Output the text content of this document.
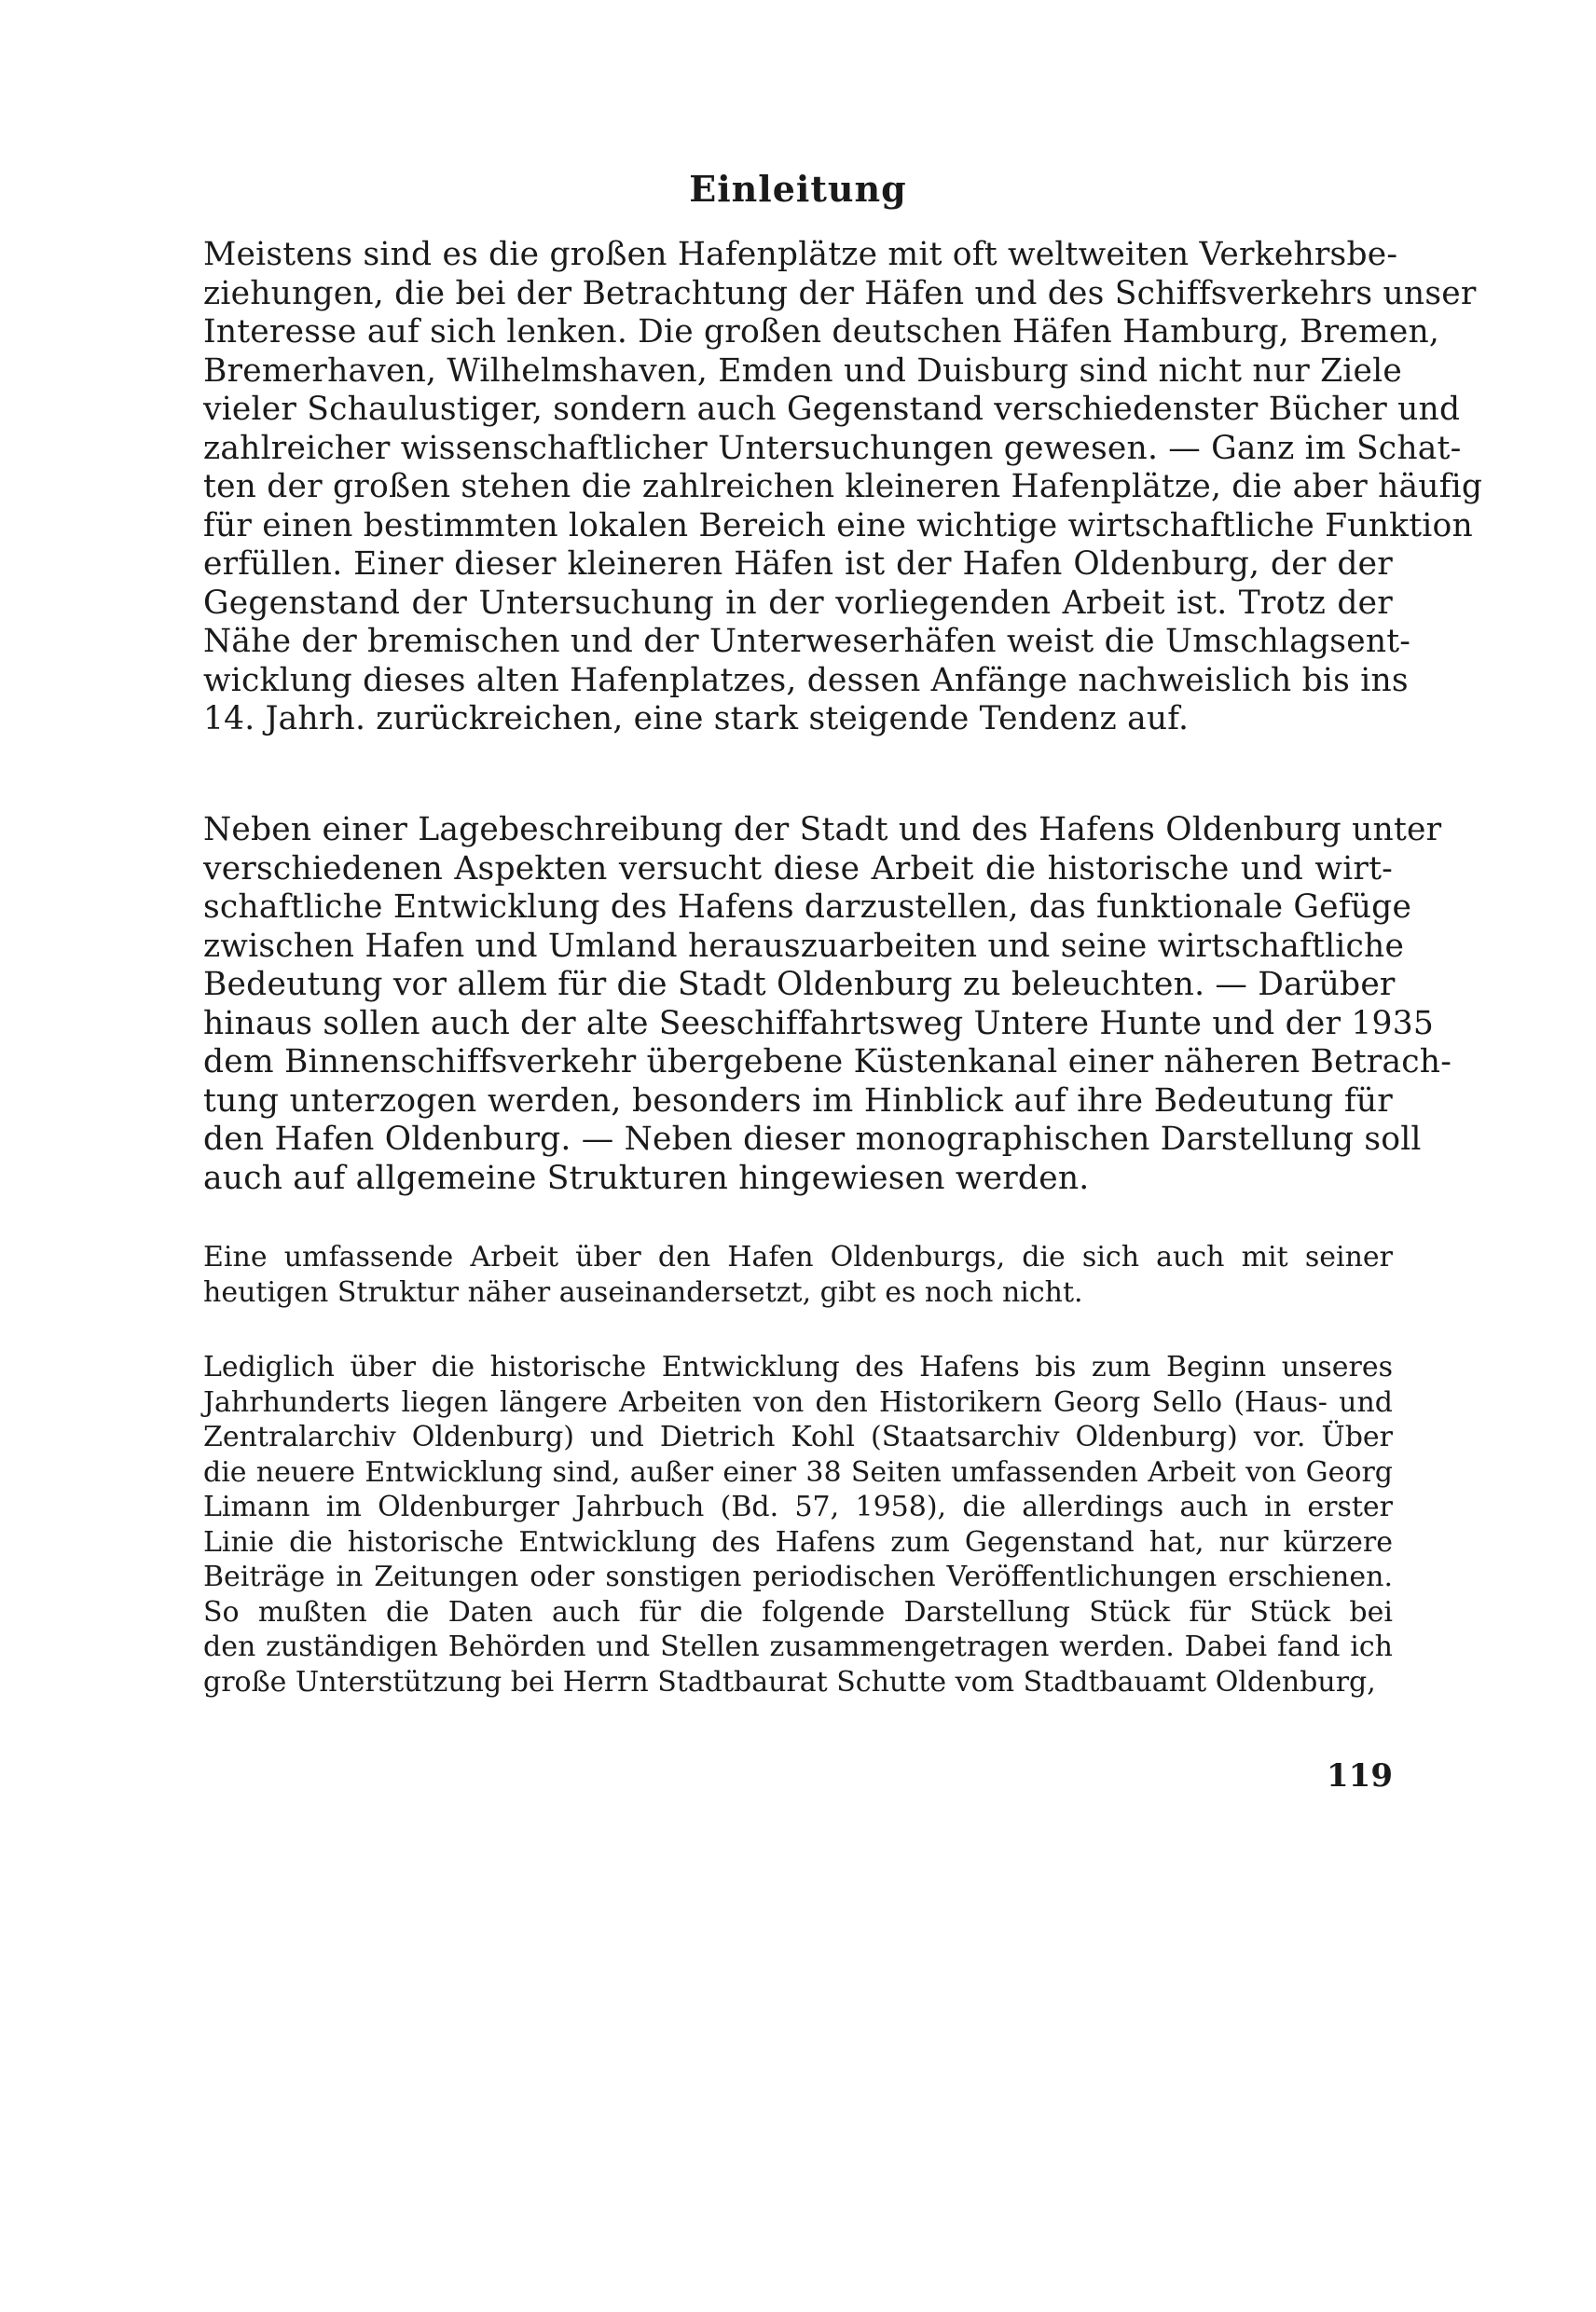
Einleitung
Meistens sind es die großen Hafenplätze mit oft weltweiten Verkehrsbe-
ziehungen, die bei der Betrachtung der Häfen und des Schiffsverkehrs unser
Interesse auf sich lenken. Die großen deutschen Häfen Hamburg, Bremen,
Bremerhaven, Wilhelmshaven, Emden und Duisburg sind nicht nur Ziele
vieler Schaulustiger, sondern auch Gegenstand verschiedenster Bücher und
zahlreicher wissenschaftlicher Untersuchungen gewesen. — Ganz im Schat-
ten der großen stehen die zahlreichen kleineren Hafenplätze, die aber häufig
für einen bestimmten lokalen Bereich eine wichtige wirtschaftliche Funktion
erfüllen. Einer dieser kleineren Häfen ist der Hafen Oldenburg, der der
Gegenstand der Untersuchung in der vorliegenden Arbeit ist. Trotz der
Nähe der bremischen und der Unterweserhäfen weist die Umschlagsent-
wicklung dieses alten Hafenplatzes, dessen Anfänge nachweislich bis ins
14. Jahrh. zurückreichen, eine stark steigende Tendenz auf.
Neben einer Lagebeschreibung der Stadt und des Hafens Oldenburg unter
verschiedenen Aspekten versucht diese Arbeit die historische und wirt-
schaftliche Entwicklung des Hafens darzustellen, das funktionale Gefüge
zwischen Hafen und Umland herauszuarbeiten und seine wirtschaftliche
Bedeutung vor allem für die Stadt Oldenburg zu beleuchten. — Darüber
hinaus sollen auch der alte Seeschiffahrtsweg Untere Hunte und der 1935
dem Binnenschiffsverkehr übergebene Küstenkanal einer näheren Betrach-
tung unterzogen werden, besonders im Hinblick auf ihre Bedeutung für
den Hafen Oldenburg. — Neben dieser monographischen Darstellung soll
auch auf allgemeine Strukturen hingewiesen werden.
Eine umfassende Arbeit über den Hafen Oldenburgs, die sich auch mit seiner
heutigen Struktur näher auseinandersetzt, gibt es noch nicht.
Lediglich über die historische Entwicklung des Hafens bis zum Beginn unseres
Jahrhunderts liegen längere Arbeiten von den Historikern Georg Sello (Haus- und
Zentralarchiv Oldenburg) und Dietrich Kohl (Staatsarchiv Oldenburg) vor. Über
die neuere Entwicklung sind, außer einer 38 Seiten umfassenden Arbeit von Georg
Limann im Oldenburger Jahrbuch (Bd. 57, 1958), die allerdings auch in erster
Linie die historische Entwicklung des Hafens zum Gegenstand hat, nur kürzere
Beiträge in Zeitungen oder sonstigen periodischen Veröffentlichungen erschienen.
So mußten die Daten auch für die folgende Darstellung Stück für Stück bei
den zuständigen Behörden und Stellen zusammengetragen werden. Dabei fand ich
große Unterstützung bei Herrn Stadtbaurat Schutte vom Stadtbauamt Oldenburg,

119
